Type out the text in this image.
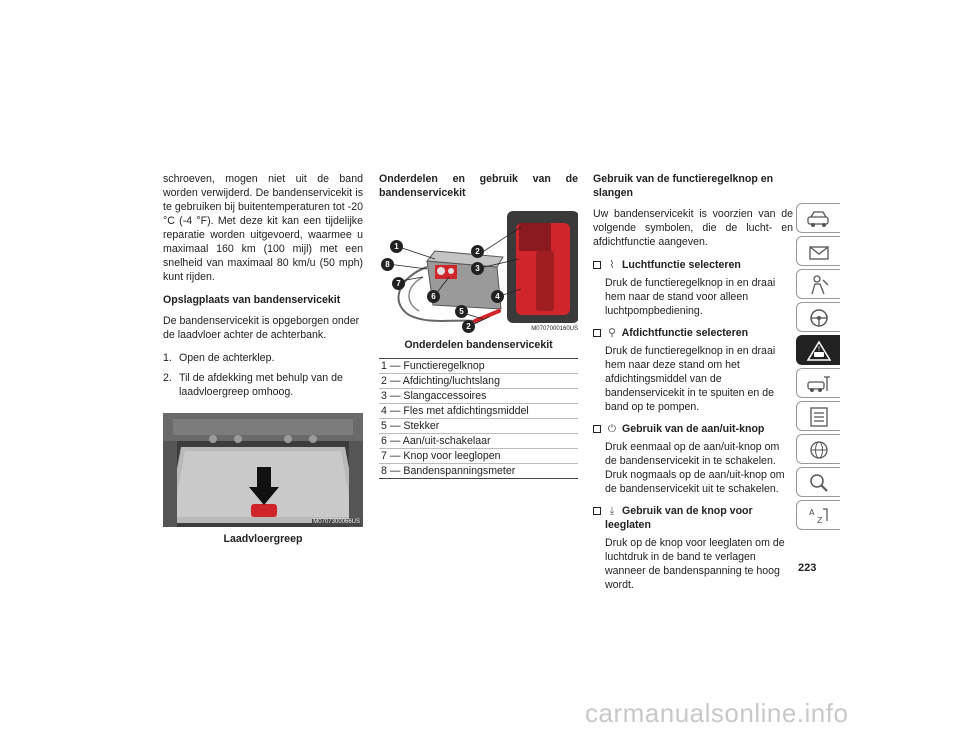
schroeven, mogen niet uit de band worden verwijderd. De bandenservicekit is te gebruiken bij buitentemperaturen tot -20 °C (-4 °F). Met deze kit kan een tijdelijke reparatie worden uitgevoerd, waarmee u maximaal 160 km (100 mijl) met een snelheid van maximaal 80 km/u (50 mph) kunt rijden.

Opslagplaats van bandenservicekit

De bandenservicekit is opgeborgen onder de laadvloer achter de achterbank.

1. Open de achterklep.
2. Til de afdekking met behulp van de laadvloergreep omhoog.
M0707300066US
Laadvloergreep

Onderdelen en gebruik van de bandenservicekit

1
2
2
3
4
5
6
7
8
M0707000160US
Onderdelen bandenservicekit
1 — Functieregelknop
2 — Afdichting/luchtslang
3 — Slangaccessoires
4 — Fles met afdichtingsmiddel
5 — Stekker
6 — Aan/uit-schakelaar
7 — Knop voor leeglopen
8 — Bandenspanningsmeter

Gebruik van de functieregelknop en slangen

Uw bandenservicekit is voorzien van de volgende symbolen, die de lucht- en afdichtfunctie aangeven.

⌇ Luchtfunctie selecteren
Druk de functieregelknop in en draai hem naar de stand voor alleen luchtpompbediening.
⚲ Afdichtfunctie selecteren
Druk de functieregelknop in en draai hem naar deze stand om het afdichtingsmiddel van de bandenservicekit in te spuiten en de band op te pompen.
⏻ Gebruik van de aan/uit-knop
Druk eenmaal op de aan/uit-knop om de bandenservicekit in te schakelen. Druk nogmaals op de aan/uit-knop om de bandenservicekit uit te schakelen.
⤓ Gebruik van de knop voor leeglaten
Druk op de knop voor leeglaten om de luchtdruk in de band te verlagen wanneer de bandenspanning te hoog wordt.
!
A
Z
223
carmanualsonline.info
